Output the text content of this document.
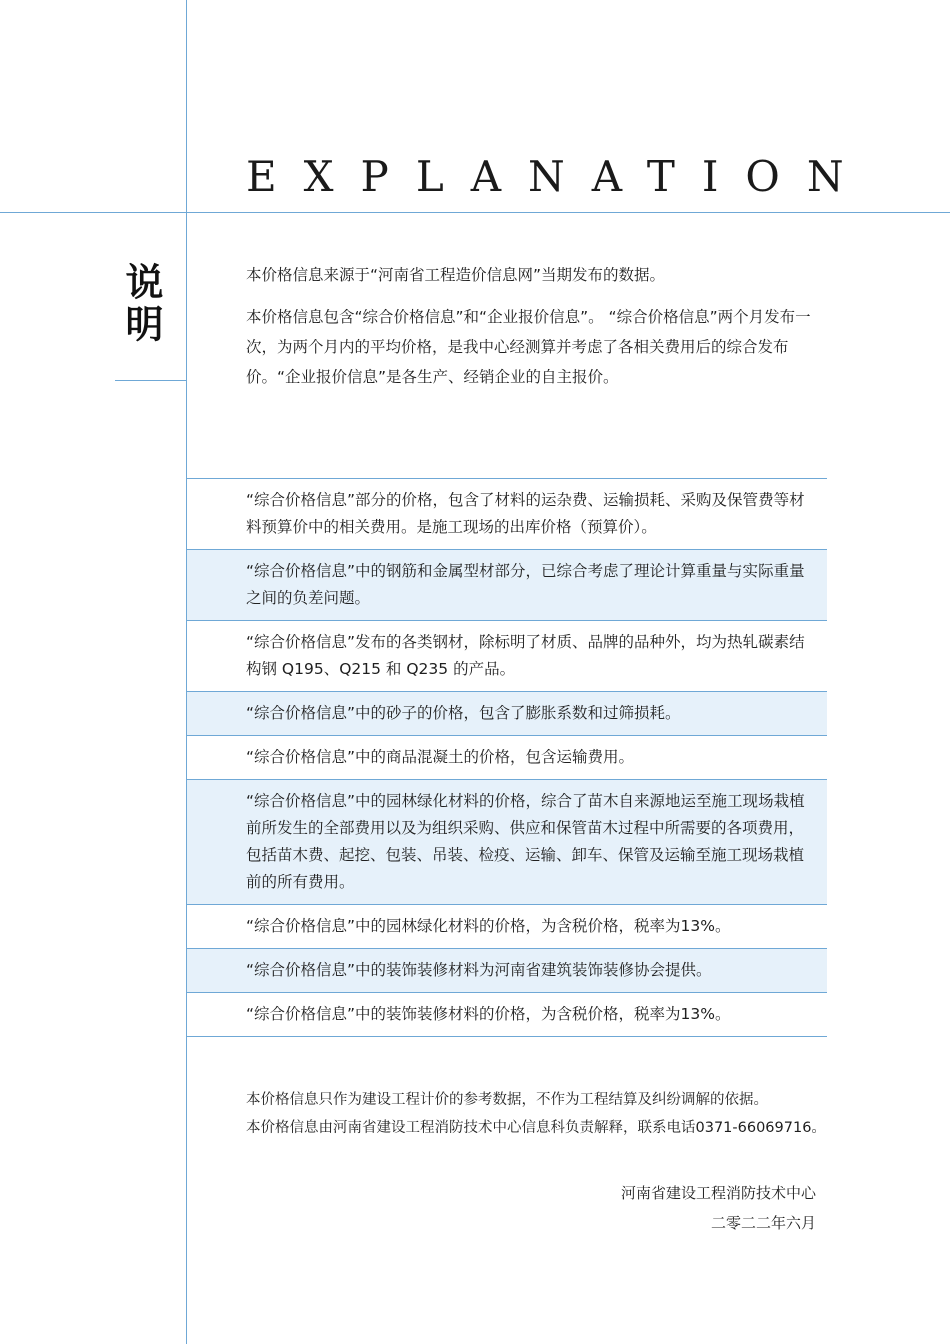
EXPLANATION
说明	本价格信息来源于“河南省工程造价信息网”当期发布的数据。

本价格信息包含“综合价格信息”和“企业报价信息”。 “综合价格信息”两个月发布一次，为两个月内的平均价格，是我中心经测算并考虑了各相关费用后的综合发布价。“企业报价信息”是各生产、经销企业的自主报价。

“综合价格信息”部分的价格，包含了材料的运杂费、运输损耗、采购及保管费等材料预算价中的相关费用。是施工现场的出库价格（预算价）。
“综合价格信息”中的钢筋和金属型材部分，已综合考虑了理论计算重量与实际重量之间的负差问题。
“综合价格信息”发布的各类钢材，除标明了材质、品牌的品种外，均为热轧碳素结构钢 Q195、Q215 和 Q235 的产品。
“综合价格信息”中的砂子的价格，包含了膨胀系数和过筛损耗。
“综合价格信息”中的商品混凝土的价格，包含运输费用。
“综合价格信息”中的园林绿化材料的价格，综合了苗木自来源地运至施工现场栽植前所发生的全部费用以及为组织采购、供应和保管苗木过程中所需要的各项费用，包括苗木费、起挖、包装、吊装、检疫、运输、卸车、保管及运输至施工现场栽植前的所有费用。
“综合价格信息”中的园林绿化材料的价格，为含税价格，税率为13%。
“综合价格信息”中的装饰装修材料为河南省建筑装饰装修协会提供。
“综合价格信息”中的装饰装修材料的价格，为含税价格，税率为13%。

本价格信息只作为建设工程计价的参考数据，不作为工程结算及纠纷调解的依据。

本价格信息由河南省建设工程消防技术中心信息科负责解释，联系电话0371-66069716。

河南省建设工程消防技术中心

二零二二年六月
